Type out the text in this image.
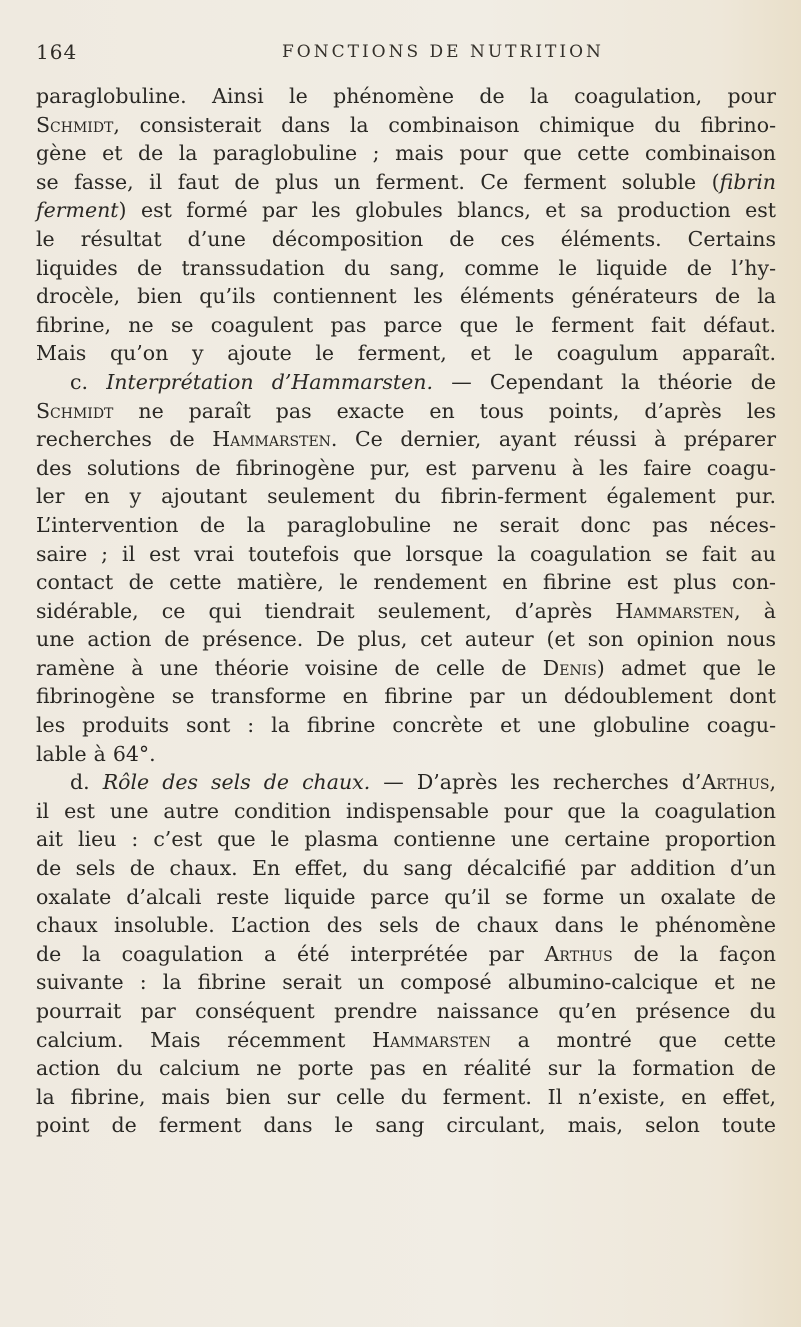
164	FONCTIONS DE NUTRITION
paraglobuline. Ainsi le phénomène de la coagulation, pour
Schmidt, consisterait dans la combinaison chimique du fibrino-
gène et de la paraglobuline ; mais pour que cette combinaison
se fasse, il faut de plus un ferment. Ce ferment soluble (fibrin
ferment) est formé par les globules blancs, et sa production est
le résultat d’une décomposition de ces éléments. Certains
liquides de transsudation du sang, comme le liquide de l’hy-
drocèle, bien qu’ils contiennent les éléments générateurs de la
fibrine, ne se coagulent pas parce que le ferment fait défaut.
Mais qu’on y ajoute le ferment, et le coagulum apparaît.
c. Interprétation d’Hammarsten. — Cependant la théorie de
Schmidt ne paraît pas exacte en tous points, d’après les
recherches de Hammarsten. Ce dernier, ayant réussi à préparer
des solutions de fibrinogène pur, est parvenu à les faire coagu-
ler en y ajoutant seulement du fibrin-ferment également pur.
L’intervention de la paraglobuline ne serait donc pas néces-
saire ; il est vrai toutefois que lorsque la coagulation se fait au
contact de cette matière, le rendement en fibrine est plus con-
sidérable, ce qui tiendrait seulement, d’après Hammarsten, à
une action de présence. De plus, cet auteur (et son opinion nous
ramène à une théorie voisine de celle de Denis) admet que le
fibrinogène se transforme en fibrine par un dédoublement dont
les produits sont : la fibrine concrète et une globuline coagu-
lable à 64°.
d. Rôle des sels de chaux. — D’après les recherches d’Arthus,
il est une autre condition indispensable pour que la coagulation
ait lieu : c’est que le plasma contienne une certaine proportion
de sels de chaux. En effet, du sang décalcifié par addition d’un
oxalate d’alcali reste liquide parce qu’il se forme un oxalate de
chaux insoluble. L’action des sels de chaux dans le phénomène
de la coagulation a été interprétée par Arthus de la façon
suivante : la fibrine serait un composé albumino-calcique et ne
pourrait par conséquent prendre naissance qu’en présence du
calcium. Mais récemment Hammarsten a montré que cette
action du calcium ne porte pas en réalité sur la formation de
la fibrine, mais bien sur celle du ferment. Il n’existe, en effet,
point de ferment dans le sang circulant, mais, selon toute
